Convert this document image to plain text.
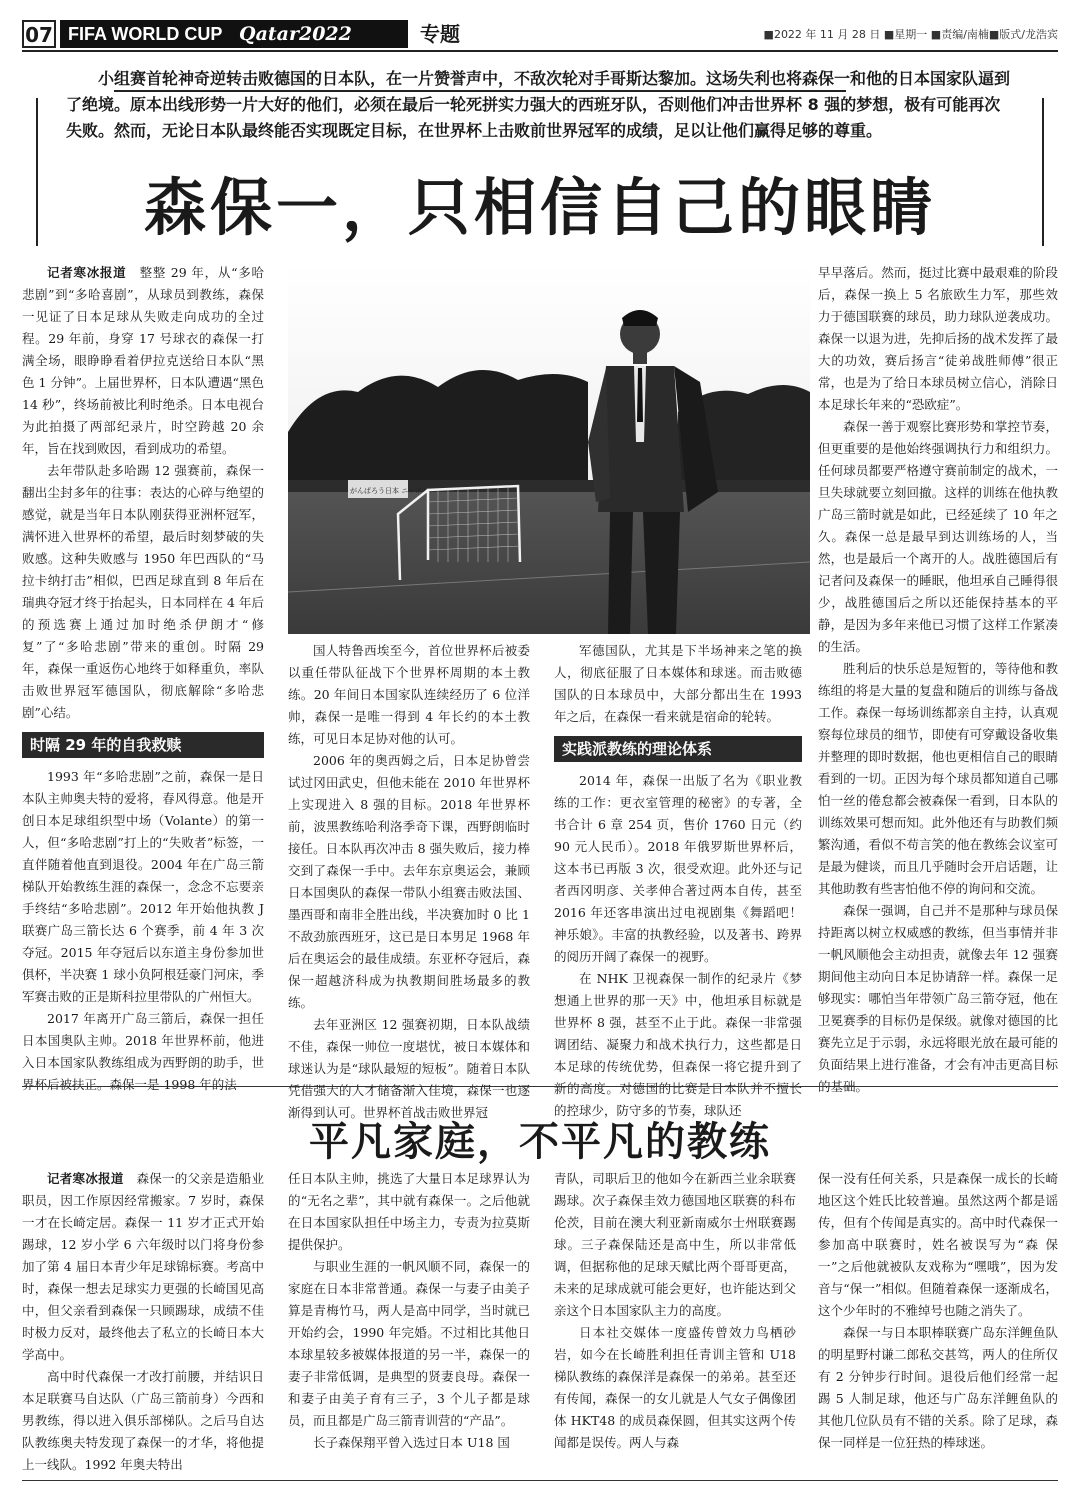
07 FIFA WORLD CUP Qatar2022	专题	■2022 年 11 月 28 日 ■星期一 ■责编/南楠■版式/龙浩宾
小组赛首轮神奇逆转击败德国的日本队，在一片赞誉声中，不敌次轮对手哥斯达黎加。这场失利也将森保一和他的日本国家队逼到了绝境。原本出线形势一片大好的他们，必须在最后一轮死拼实力强大的西班牙队，否则他们冲击世界杯 8 强的梦想，极有可能再次失败。然而，无论日本队最终能否实现既定目标，在世界杯上击败前世界冠军的成绩，足以让他们赢得足够的尊重。
森保一，只相信自己的眼睛

记者寒冰报道　 整整 29 年，从“多哈悲剧”到“多哈喜剧”，从球员到教练，森保一见证了日本足球从失败走向成功的全过程。29 年前，身穿 17 号球衣的森保一打满全场，眼睁睁看着伊拉克送给日本队“黑色 1 分钟”。上届世界杯，日本队遭遇“黑色 14 秒”，终场前被比利时绝杀。日本电视台为此拍摄了两部纪录片，时空跨越 20 余年，旨在找到败因，看到成功的希望。

去年带队赴多哈踢 12 强赛前，森保一翻出尘封多年的往事：表达的心碎与绝望的感觉，就是当年日本队刚获得亚洲杯冠军，满怀进入世界杯的希望，最后时刻梦破的失败感。这种失败感与 1950 年巴西队的“马拉卡纳打击”相似，巴西足球直到 8 年后在瑞典夺冠才终于抬起头，日本同样在 4 年后的预选赛上通过加时绝杀伊朗才“修复”了“多哈悲剧”带来的重创。时隔 29 年，森保一重返伤心地终于如释重负，率队击败世界冠军德国队，彻底解除“多哈悲剧”心结。

时隔 29 年的自我救赎

1993 年“多哈悲剧”之前，森保一是日本队主帅奥夫特的爱将，春风得意。他是开创日本足球组织型中场（Volante）的第一人，但“多哈悲剧”打上的“失败者”标签，一直伴随着他直到退役。2004 年在广岛三箭梯队开始教练生涯的森保一，念念不忘要亲手终结“多哈悲剧”。2012 年开始他执教 J 联赛广岛三箭长达 6 个赛季，前 4 年 3 次夺冠。2015 年夺冠后以东道主身份参加世俱杯，半决赛 1 球小负阿根廷豪门河床，季军赛击败的正是斯科拉里带队的广州恒大。

2017 年离开广岛三箭后，森保一担任日本国奥队主帅。2018 年世界杯前，他进入日本国家队教练组成为西野朗的助手，世界杯后被扶正。森保一是 1998 年的法

がんばろう日本 ニッポン！

国人特鲁西埃至今，首位世界杯后被委以重任带队征战下个世界杯周期的本土教练。20 年间日本国家队连续经历了 6 位洋帅，森保一是唯一得到 4 年长约的本土教练，可见日本足协对他的认可。

2006 年的奥西姆之后，日本足协曾尝试过冈田武史，但他未能在 2010 年世界杯上实现进入 8 强的目标。2018 年世界杯前，波黑教练哈利洛季奇下课，西野朗临时接任。日本队再次冲击 8 强失败后，接力棒交到了森保一手中。去年东京奥运会，兼顾日本国奥队的森保一带队小组赛击败法国、墨西哥和南非全胜出线，半决赛加时 0 比 1 不敌劲旅西班牙，这已是日本男足 1968 年后在奥运会的最佳成绩。东亚杯夺冠后，森保一超越济科成为执教期间胜场最多的教练。

去年亚洲区 12 强赛初期，日本队战绩不佳，森保一帅位一度堪忧，被日本媒体和球迷认为是“球队最短的短板”。随着日本队凭借强大的人才储备渐入佳境，森保一也逐渐得到认可。世界杯首战击败世界冠

军德国队，尤其是下半场神来之笔的换人，彻底征服了日本媒体和球迷。而击败德国队的日本球员中，大部分都出生在 1993 年之后，在森保一看来就是宿命的轮转。

实践派教练的理论体系

2014 年，森保一出版了名为《职业教练的工作：更衣室管理的秘密》的专著，全书合计 6 章 254 页，售价 1760 日元（约 90 元人民币）。2018 年俄罗斯世界杯后，这本书已再版 3 次，很受欢迎。此外还与记者西冈明彦、关孝伸合著过两本自传，甚至 2016 年还客串演出过电视剧集《舞蹈吧！神乐娘》。丰富的执教经验，以及著书、跨界的阅历开阔了森保一的视野。

在 NHK 卫视森保一制作的纪录片《梦想通上世界的那一天》中，他坦承目标就是世界杯 8 强，甚至不止于此。森保一非常强调团结、凝聚力和战术执行力，这些都是日本足球的传统优势，但森保一将它提升到了新的高度。对德国的比赛是日本队并不擅长的控球少，防守多的节奏，球队还

早早落后。然而，挺过比赛中最艰难的阶段后，森保一换上 5 名旅欧生力军，那些效力于德国联赛的球员，助力球队逆袭成功。森保一以退为进，先抑后扬的战术发挥了最大的功效，赛后扬言“徒弟战胜师傅”很正常，也是为了给日本球员树立信心，消除日本足球长年来的“恐欧症”。

森保一善于观察比赛形势和掌控节奏，但更重要的是他始终强调执行力和组织力。任何球员都要严格遵守赛前制定的战术，一旦失球就要立刻回撤。这样的训练在他执教广岛三箭时就是如此，已经延续了 10 年之久。森保一总是最早到达训练场的人，当然，也是最后一个离开的人。战胜德国后有记者问及森保一的睡眠，他坦承自己睡得很少，战胜德国后之所以还能保持基本的平静，是因为多年来他已习惯了这样工作紧凑的生活。

胜利后的快乐总是短暂的，等待他和教练组的将是大量的复盘和随后的训练与备战工作。森保一每场训练都亲自主持，认真观察每位球员的细节，即使有可穿戴设备收集并整理的即时数据，他也更相信自己的眼睛看到的一切。正因为每个球员都知道自己哪怕一丝的倦怠都会被森保一看到，日本队的训练效果可想而知。此外他还有与助教们频繁沟通，看似不苟言笑的他在教练会议室可是最为健谈，而且几乎随时会开启话题，让其他助教有些害怕他不停的询问和交流。

森保一强调，自己并不是那种与球员保持距离以树立权威感的教练，但当事情并非一帆风顺他会主动担责，就像去年 12 强赛期间他主动向日本足协请辞一样。森保一足够现实：哪怕当年带领广岛三箭夺冠，他在卫冕赛季的目标仍是保级。就像对德国的比赛先立足于示弱，永远将眼光放在最可能的负面结果上进行准备，才会有冲击更高目标的基础。

平凡家庭，不平凡的教练

记者寒冰报道　 森保一的父亲是造船业职员，因工作原因经常搬家。7 岁时，森保一才在长崎定居。森保一 11 岁才正式开始踢球，12 岁小学 6 六年级时以门将身份参加了第 4 届日本青少年足球锦标赛。考高中时，森保一想去足球实力更强的长崎国见高中，但父亲看到森保一只顾踢球，成绩不佳时极力反对，最终他去了私立的长崎日本大学高中。

高中时代森保一才改打前腰，并结识日本足联赛马自达队（广岛三箭前身）今西和男教练，得以进入俱乐部梯队。之后马自达队教练奥夫特发现了森保一的才华，将他提上一线队。1992 年奥夫特出

任日本队主帅，挑选了大量日本足球界认为的“无名之辈”，其中就有森保一。之后他就在日本国家队担任中场主力，专责为拉莫斯提供保护。

与职业生涯的一帆风顺不同，森保一的家庭在日本非常普通。森保一与妻子由美子算是青梅竹马，两人是高中同学，当时就已开始约会，1990 年完婚。不过相比其他日本球星较多被媒体报道的另一半，森保一的妻子非常低调，是典型的贤妻良母。森保一和妻子由美子育有三子，3 个儿子都是球员，而且都是广岛三箭青训营的“产品”。

长子森保翔平曾入选过日本 U18 国

青队，司职后卫的他如今在新西兰业余联赛踢球。次子森保圭效力德国地区联赛的科布伦茨，目前在澳大利亚新南威尔士州联赛踢球。三子森保陆还是高中生，所以非常低调，但据称他的足球天赋比两个哥哥更高，未来的足球成就可能会更好，也许能达到父亲这个日本国家队主力的高度。

日本社交媒体一度盛传曾效力鸟栖砂岩，如今在长崎胜利担任青训主管和 U18 梯队教练的森保洋是森保一的弟弟。甚至还有传闻，森保一的女儿就是人气女子偶像团体 HKT48 的成员森保圆，但其实这两个传闻都是误传。两人与森

保一没有任何关系，只是森保一成长的长崎地区这个姓氏比较普遍。虽然这两个都是谣传，但有个传闻是真实的。高中时代森保一参加高中联赛时，姓名被误写为“森 保一”之后他就被队友戏称为“嘿哦”，因为发音与“保一”相似。但随着森保一逐渐成名，这个少年时的不雅绰号也随之消失了。

森保一与日本职棒联赛广岛东洋鲤鱼队的明星野村谦二郎私交甚笃，两人的住所仅有 2 分钟步行时间。退役后他们经常一起踢 5 人制足球，他还与广岛东洋鲤鱼队的其他几位队员有不错的关系。除了足球，森保一同样是一位狂热的棒球迷。
